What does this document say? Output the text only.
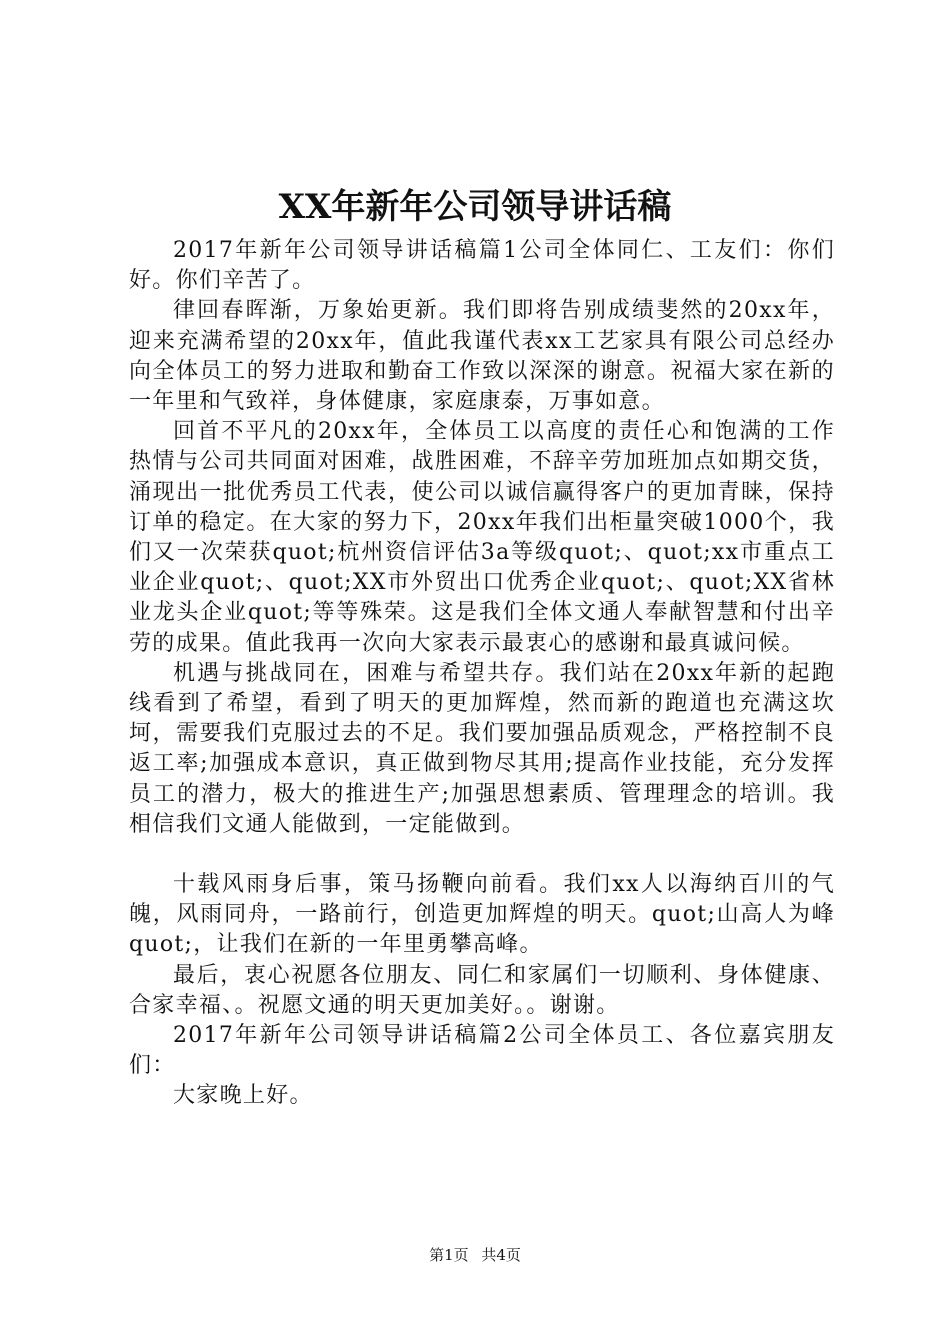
XX年新年公司领导讲话稿

2017年新年公司领导讲话稿篇1公司全体同仁、工友们：你们好。你们辛苦了。

律回春晖渐，万象始更新。我们即将告别成绩斐然的20xx年，迎来充满希望的20xx年，值此我谨代表xx工艺家具有限公司总经办向全体员工的努力进取和勤奋工作致以深深的谢意。祝福大家在新的一年里和气致祥，身体健康，家庭康泰，万事如意。

回首不平凡的20xx年，全体员工以高度的责任心和饱满的工作热情与公司共同面对困难，战胜困难，不辞辛劳加班加点如期交货，涌现出一批优秀员工代表，使公司以诚信赢得客户的更加青睐，保持订单的稳定。在大家的努力下，20xx年我们出柜量突破1000个，我们又一次荣获quot;杭州资信评估3a等级quot;、quot;xx市重点工业企业quot;、quot;XX市外贸出口优秀企业quot;、quot;XX省林业龙头企业quot;等等殊荣。这是我们全体文通人奉献智慧和付出辛劳的成果。值此我再一次向大家表示最衷心的感谢和最真诚问候。

机遇与挑战同在，困难与希望共存。我们站在20xx年新的起跑线看到了希望，看到了明天的更加辉煌，然而新的跑道也充满这坎坷，需要我们克服过去的不足。我们要加强品质观念，严格控制不良返工率;加强成本意识，真正做到物尽其用;提高作业技能，充分发挥员工的潜力，极大的推进生产;加强思想素质、管理理念的培训。我相信我们文通人能做到，一定能做到。

十载风雨身后事，策马扬鞭向前看。我们xx人以海纳百川的气魄，风雨同舟，一路前行，创造更加辉煌的明天。quot;山高人为峰quot;，让我们在新的一年里勇攀高峰。

最后，衷心祝愿各位朋友、同仁和家属们一切顺利、身体健康、合家幸福、。祝愿文通的明天更加美好。。谢谢。

2017年新年公司领导讲话稿篇2公司全体员工、各位嘉宾朋友们：

大家晚上好。

第1页 共4页
